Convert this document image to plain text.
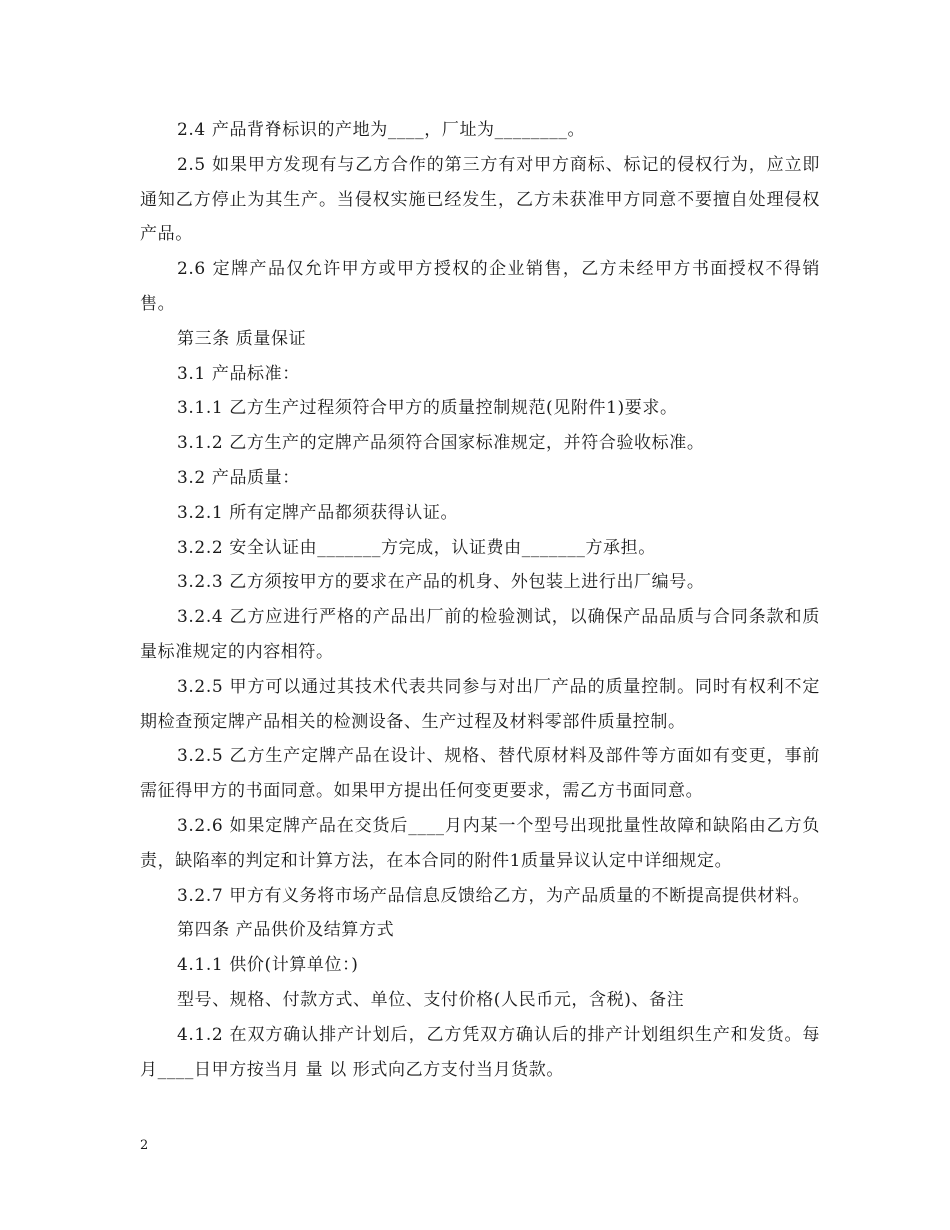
2.4 产品背脊标识的产地为____，厂址为________。

2.5 如果甲方发现有与乙方合作的第三方有对甲方商标、标记的侵权行为，应立即通知乙方停止为其生产。当侵权实施已经发生，乙方未获准甲方同意不要擅自处理侵权产品。

2.6 定牌产品仅允许甲方或甲方授权的企业销售，乙方未经甲方书面授权不得销售。

第三条 质量保证

3.1 产品标准：

3.1.1 乙方生产过程须符合甲方的质量控制规范(见附件1)要求。

3.1.2 乙方生产的定牌产品须符合国家标准规定，并符合验收标准。

3.2 产品质量：

3.2.1 所有定牌产品都须获得认证。

3.2.2 安全认证由_______方完成，认证费由_______方承担。

3.2.3 乙方须按甲方的要求在产品的机身、外包装上进行出厂编号。

3.2.4 乙方应进行严格的产品出厂前的检验测试，以确保产品品质与合同条款和质量标准规定的内容相符。

3.2.5 甲方可以通过其技术代表共同参与对出厂产品的质量控制。同时有权利不定期检查预定牌产品相关的检测设备、生产过程及材料零部件质量控制。

3.2.5 乙方生产定牌产品在设计、规格、替代原材料及部件等方面如有变更，事前需征得甲方的书面同意。如果甲方提出任何变更要求，需乙方书面同意。

3.2.6 如果定牌产品在交货后____月内某一个型号出现批量性故障和缺陷由乙方负责，缺陷率的判定和计算方法，在本合同的附件1质量异议认定中详细规定。

3.2.7 甲方有义务将市场产品信息反馈给乙方，为产品质量的不断提高提供材料。

第四条 产品供价及结算方式

4.1.1 供价(计算单位：)

型号、规格、付款方式、单位、支付价格(人民币元，含税)、备注

4.1.2 在双方确认排产计划后，乙方凭双方确认后的排产计划组织生产和发货。每月____日甲方按当月 量 以 形式向乙方支付当月货款。

2
